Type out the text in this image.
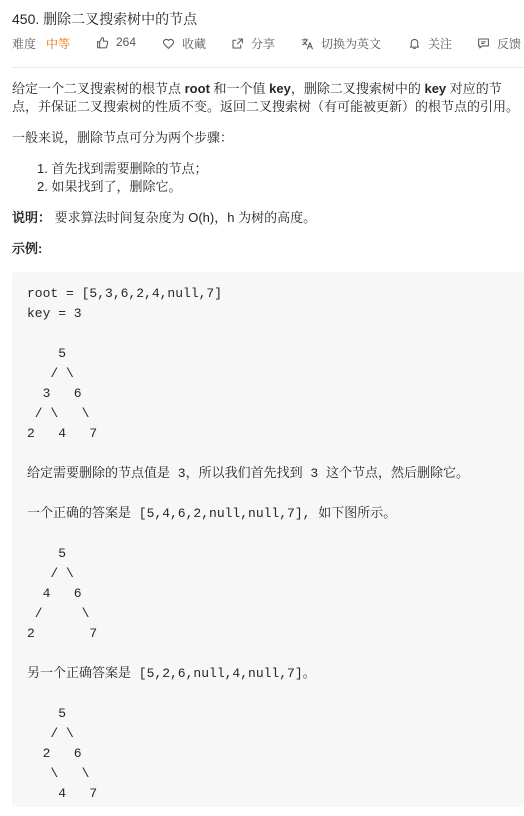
450. 删除二叉搜索树中的节点
难度 中等	264	收藏	分享	切换为英文	关注	反馈

给定一个二叉搜索树的根节点 root 和一个值 key，删除二叉搜索树中的 key 对应的节点，并保证二叉搜索树的性质不变。返回二叉搜索树（有可能被更新）的根节点的引用。

一般来说，删除节点可分为两个步骤：

1. 首先找到需要删除的节点；
2. 如果找到了，删除它。

说明： 要求算法时间复杂度为 O(h)，h 为树的高度。

示例:

root = [5,3,6,2,4,null,7]
key = 3

5
/ \
3   6
/ \   \
2   4   7

给定需要删除的节点值是 3，所以我们首先找到 3 这个节点，然后删除它。

一个正确的答案是 [5,4,6,2,null,null,7], 如下图所示。

5
/ \
4   6
/     \
2       7

另一个正确答案是 [5,2,6,null,4,null,7]。

5
/ \
2   6
\   \
4   7
